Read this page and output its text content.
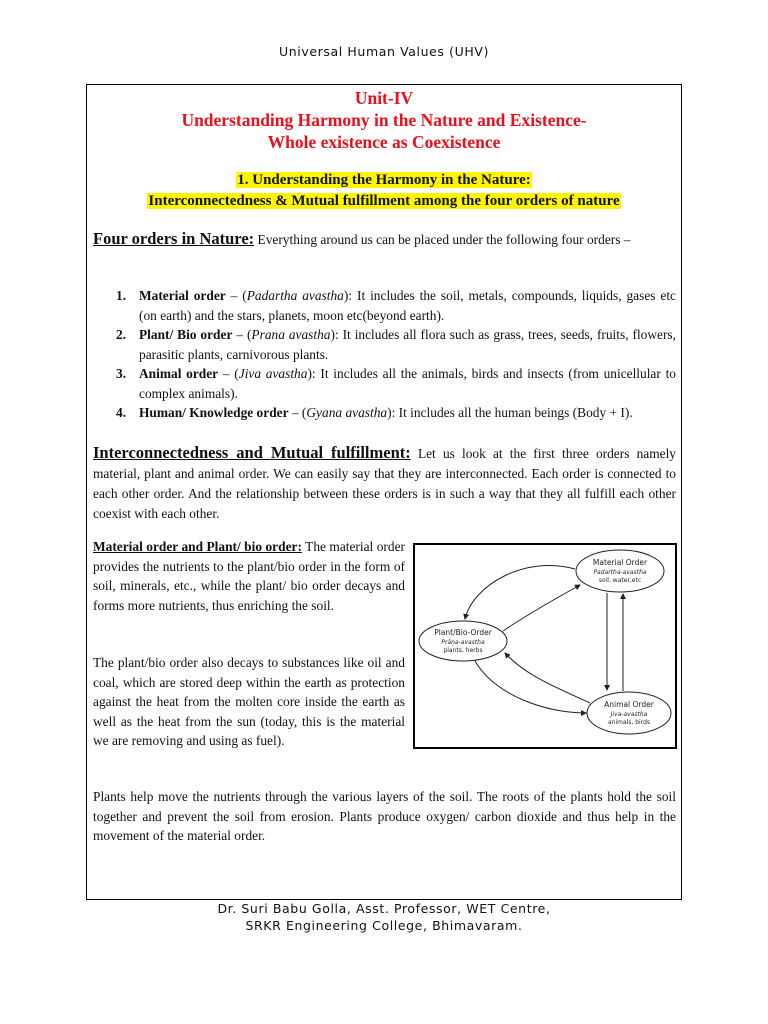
Universal Human Values (UHV)
Unit-IV
Understanding Harmony in the Nature and Existence-
Whole existence as Coexistence
1. Understanding the Harmony in the Nature:
Interconnectedness & Mutual fulfillment among the four orders of nature
Four orders in Nature: Everything around us can be placed under the following four orders –
1. Material order – (Padartha avastha): It includes the soil, metals, compounds, liquids, gases etc (on earth) and the stars, planets, moon etc(beyond earth).
2. Plant/ Bio order – (Prana avastha): It includes all flora such as grass, trees, seeds, fruits, flowers, parasitic plants, carnivorous plants.
3. Animal order – (Jiva avastha): It includes all the animals, birds and insects (from unicellular to complex animals).
4. Human/ Knowledge order – (Gyana avastha): It includes all the human beings (Body + I).
Interconnectedness and Mutual fulfillment: Let us look at the first three orders namely material, plant and animal order. We can easily say that they are interconnected. Each order is connected to each other order. And the relationship between these orders is in such a way that they all fulfill each other coexist with each other.
Material order and Plant/ bio order: The material order provides the nutrients to the plant/bio order in the form of soil, minerals, etc., while the plant/ bio order decays and forms more nutrients, thus enriching the soil.
The plant/bio order also decays to substances like oil and coal, which are stored deep within the earth as protection against the heat from the molten core inside the earth as well as the heat from the sun (today, this is the material we are removing and using as fuel).
Material Order
Padartha-avastha
soil, water,etc
Plant/Bio-Order
Prāṇa-avastha
plants, herbs
Animal Order
Jiva-avastha
animals, birds
Plants help move the nutrients through the various layers of the soil. The roots of the plants hold the soil together and prevent the soil from erosion. Plants produce oxygen/ carbon dioxide and thus help in the movement of the material order.
Dr. Suri Babu Golla, Asst. Professor, WET Centre,
SRKR Engineering College, Bhimavaram.
